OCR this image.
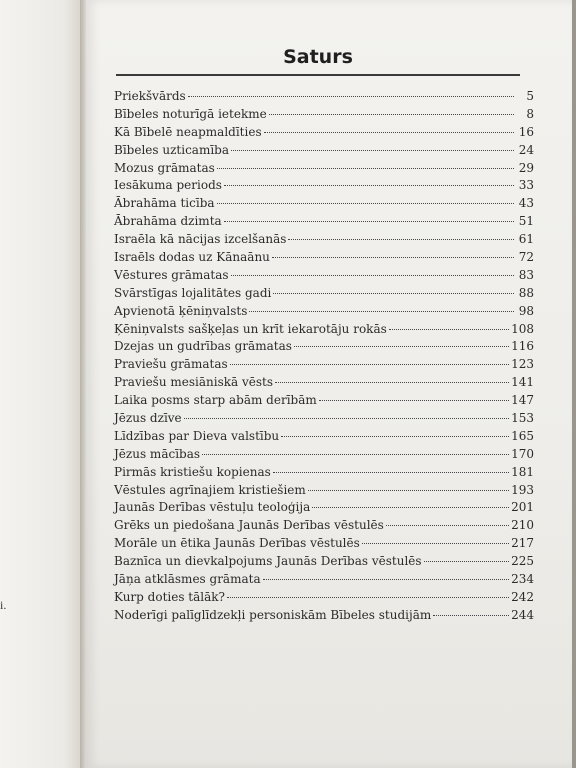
i.
Saturs
Priekšvārds	5
Bībeles noturīgā ietekme	8
Kā Bībelē neapmaldīties	16
Bībeles uzticamība	24
Mozus grāmatas	29
Iesākuma periods	33
Ābrahāma ticība	43
Ābrahāma dzimta	51
Israēla kā nācijas izcelšanās	61
Israēls dodas uz Kānaānu	72
Vēstures grāmatas	83
Svārstīgas lojalitātes gadi	88
Apvienotā ķēniņvalsts	98
Ķēniņvalsts sašķeļas un krīt iekarotāju rokās	108
Dzejas un gudrības grāmatas	116
Praviešu grāmatas	123
Praviešu mesiāniskā vēsts	141
Laika posms starp abām derībām	147
Jēzus dzīve	153
Līdzības par Dieva valstību	165
Jēzus mācības	170
Pirmās kristiešu kopienas	181
Vēstules agrīnajiem kristiešiem	193
Jaunās Derības vēstuļu teoloģija	201
Grēks un piedošana Jaunās Derības vēstulēs	210
Morāle un ētika Jaunās Derības vēstulēs	217
Baznīca un dievkalpojums Jaunās Derības vēstulēs	225
Jāņa atklāsmes grāmata	234
Kurp doties tālāk?	242
Noderīgi palīglīdzekļi personiskām Bībeles studijām	244
